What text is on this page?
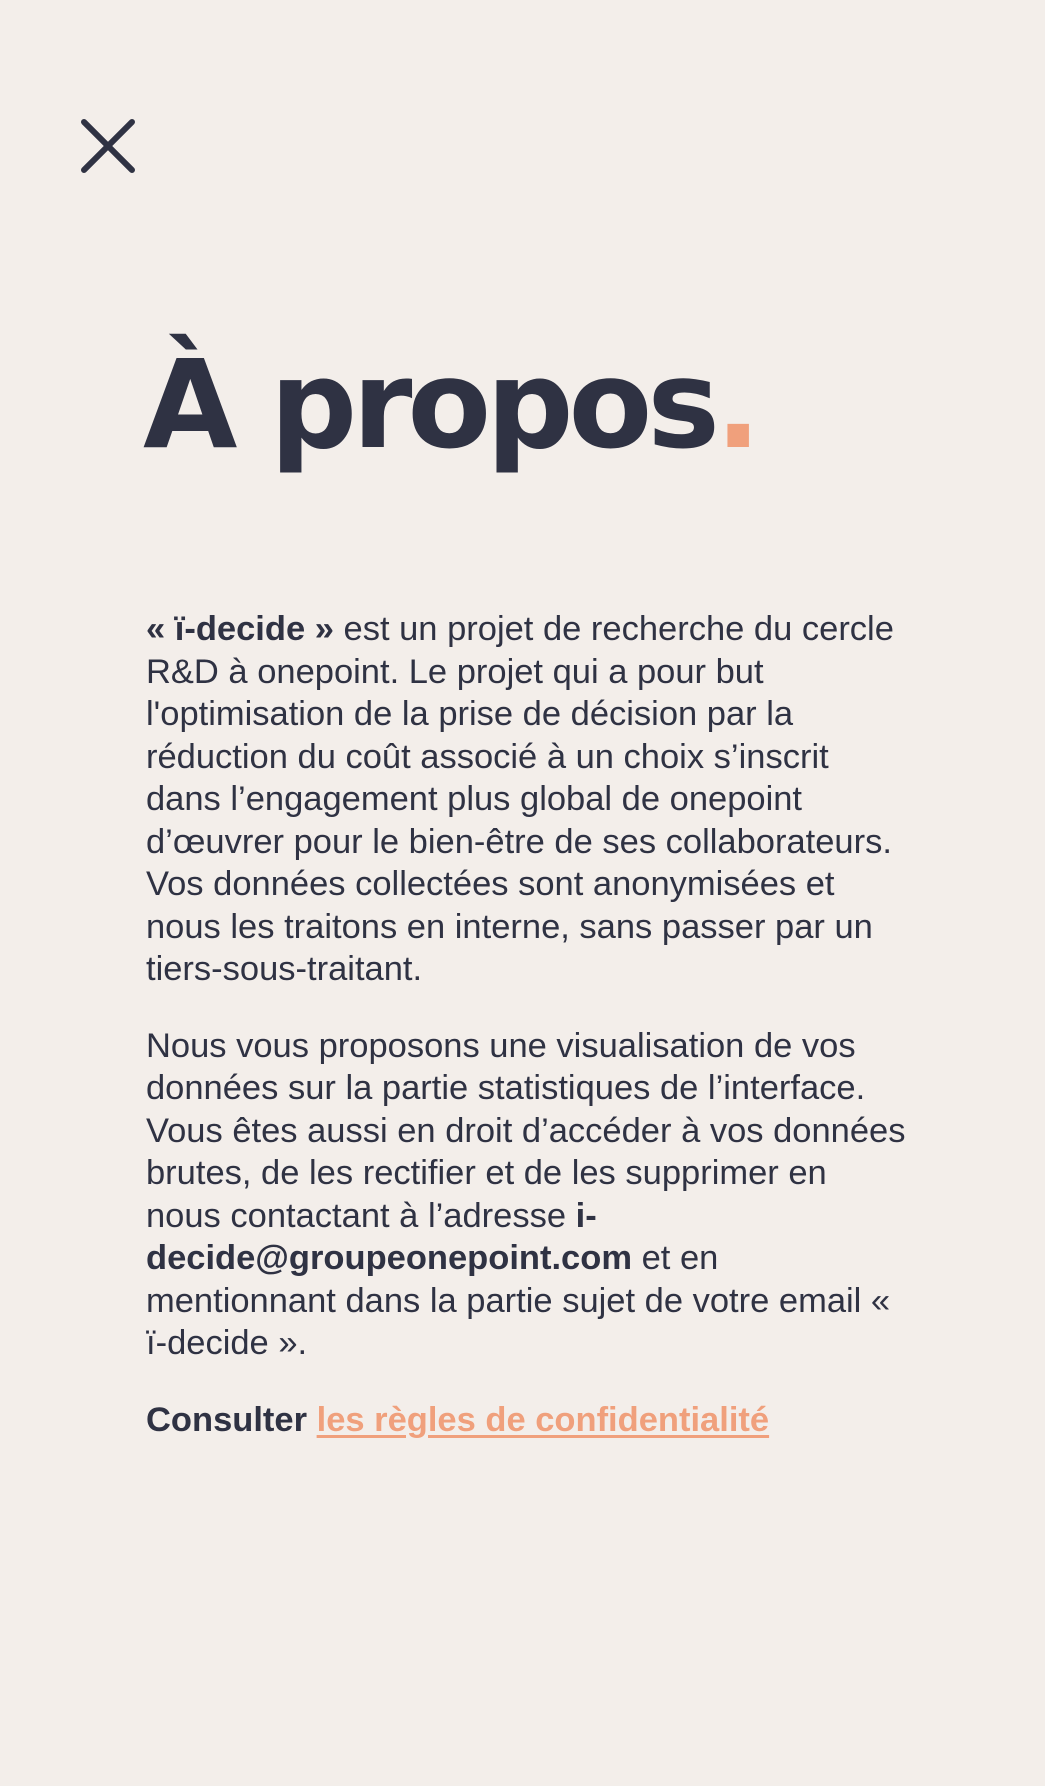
À propos.

« ï-decide » est un projet de recherche du cercle R&D à onepoint. Le projet qui a pour but l'optimisation de la prise de décision par la réduction du coût associé à un choix s’inscrit dans l’engagement plus global de onepoint d’œuvrer pour le bien-être de ses collaborateurs. Vos données collectées sont anonymisées et nous les traitons en interne, sans passer par un tiers-sous-traitant.

Nous vous proposons une visualisation de vos données sur la partie statistiques de l’interface. Vous êtes aussi en droit d’accéder à vos données brutes, de les rectifier et de les supprimer en nous contactant à l’adresse i-decide@groupeonepoint.com et en mentionnant dans la partie sujet de votre email « ï-decide ».

Consulter les règles de confidentialité
